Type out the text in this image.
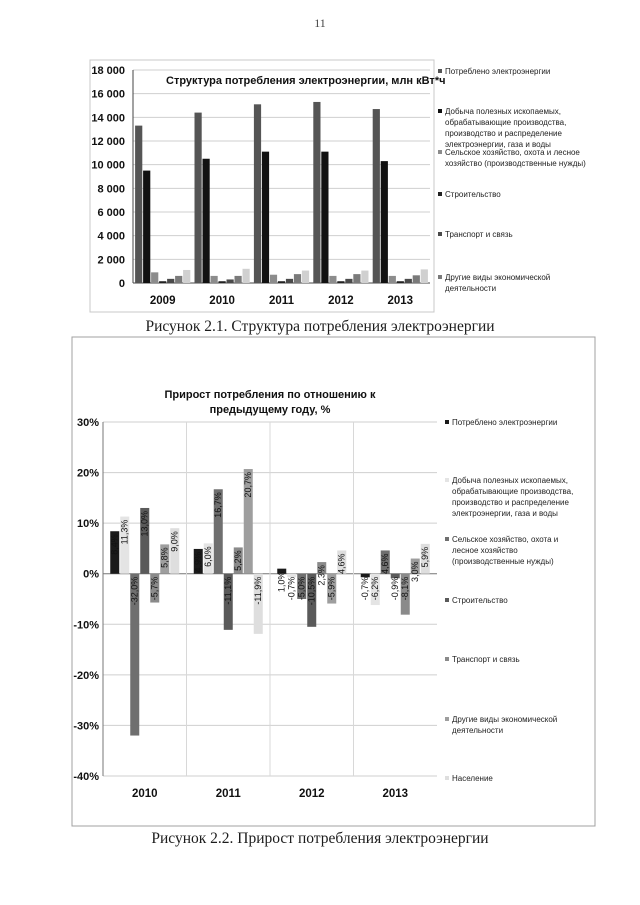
11
18 000
16 000
14 000
12 000
10 000
8 000
6 000
4 000
2 000
0
Структура потребления электроэнергии, млн кВт*ч
2009	2010	2011	2012	2013
Потреблено электроэнергии
Добыча полезных ископаемых,
обрабатывающие производства,
производство и распределение
электроэнергии, газа и воды
Сельское хозяйство, охота и лесное
хозяйство (производственные нужды)
Строительство
Транспорт и связь
Другие виды экономической
деятельности
Рисунок 2.1. Структура потребления электроэнергии
30%
20%
10%
0%
-10%
-20%
-30%
-40%
Прирост потребления по отношению к
предыдущему году, %
8,4%
11,3%
-32,0%
13,0%
-5,7%
5,8%
9,0%
2010
4,9% 6,0%
16,7%
-11,1%
5,2%
20,7%
-11,9%
2011
1,0% -0,7% -5,0% -10,5%
2,3%
-5,9%
4,6%
2012
-0,7% -6,2%
4,6%
-0,9% -8,1%
3,0%
5,9%
2013
Потреблено электроэнергии
Добыча полезных ископаемых,
обрабатывающие производства,
производство и распределение
электроэнергии, газа и воды
Сельское хозяйство, охота и
лесное хозяйство
(производственные нужды)
Строительство
Транспорт и связь
Другие виды экономической
деятельности
Население
Рисунок 2.2. Прирост потребления электроэнергии
